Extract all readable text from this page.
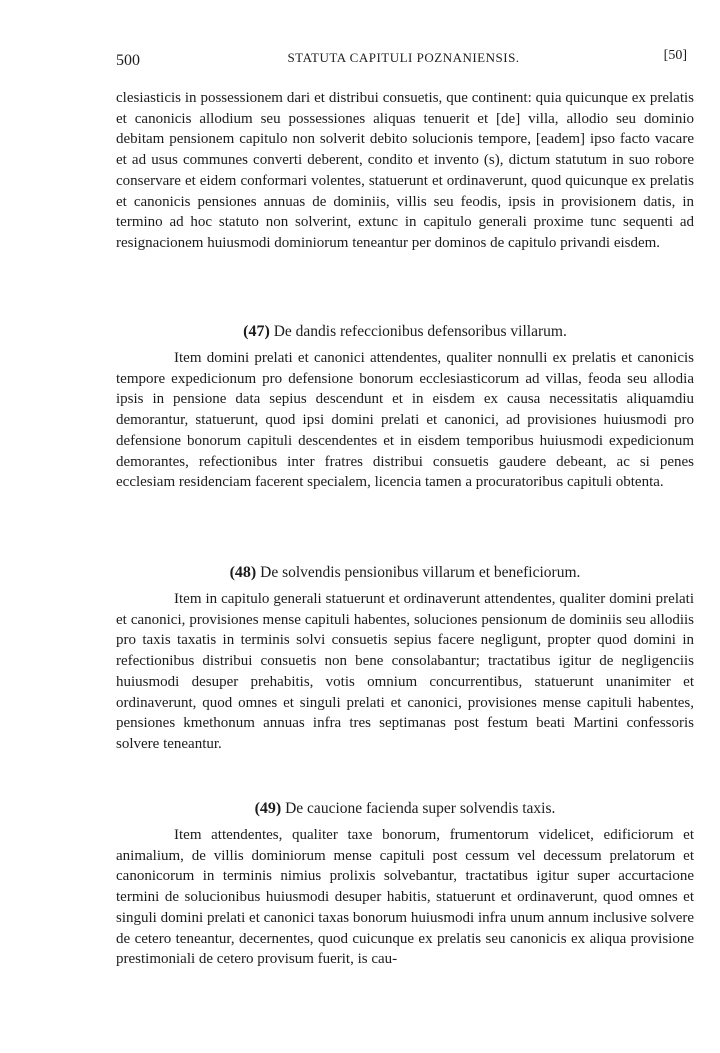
500	STATUTA CAPITULI POZNANIENSIS.	[50]

clesiasticis in possessionem dari et distribui consuetis, que continent: quia quicunque ex prelatis et canonicis allodium seu possessiones aliquas tenuerit et [de] villa, allodio seu dominio debitam pensionem capitulo non solverit debito solucionis tempore, [eadem] ipso facto vacare et ad usus communes converti deberent, condito et invento (s), dictum statutum in suo robore conservare et eidem conformari volentes, statuerunt et ordinaverunt, quod quicunque ex prelatis et canonicis pensiones annuas de dominiis, villis seu feodis, ipsis in provisionem datis, in termino ad hoc statuto non solverint, extunc in capitulo generali proxime tunc sequenti ad resignacionem huiusmodi dominiorum teneantur per dominos de capitulo privandi eisdem.

(47) De dandis refeccionibus defensoribus villarum.

Item domini prelati et canonici attendentes, qualiter nonnulli ex prelatis et canonicis tempore expedicionum pro defensione bonorum ecclesiasticorum ad villas, feoda seu allodia ipsis in pensione data sepius descendunt et in eisdem ex causa necessitatis aliquamdiu demorantur, statuerunt, quod ipsi domini prelati et canonici, ad provisiones huiusmodi pro defensione bonorum capituli descendentes et in eisdem temporibus huiusmodi expedicionum demorantes, refectionibus inter fratres distribui consuetis gaudere debeant, ac si penes ecclesiam residenciam facerent specialem, licencia tamen a procuratoribus capituli obtenta.

(48) De solvendis pensionibus villarum et beneficiorum.

Item in capitulo generali statuerunt et ordinaverunt attendentes, qualiter domini prelati et canonici, provisiones mense capituli habentes, soluciones pensionum de dominiis seu allodiis pro taxis taxatis in terminis solvi consuetis sepius facere negligunt, propter quod domini in refectionibus distribui consuetis non bene consolabantur; tractatibus igitur de negligenciis huiusmodi desuper prehabitis, votis omnium concurrentibus, statuerunt unanimiter et ordinaverunt, quod omnes et singuli prelati et canonici, provisiones mense capituli habentes, pensiones kmethonum annuas infra tres septimanas post festum beati Martini confessoris solvere teneantur.

(49) De caucione facienda super solvendis taxis.

Item attendentes, qualiter taxe bonorum, frumentorum videlicet, edificiorum et animalium, de villis dominiorum mense capituli post cessum vel decessum prelatorum et canonicorum in terminis nimius prolixis solvebantur, tractatibus igitur super accurtacione termini de solucionibus huiusmodi desuper habitis, statuerunt et ordinaverunt, quod omnes et singuli domini prelati et canonici taxas bonorum huiusmodi infra unum annum inclusive solvere de cetero teneantur, decernentes, quod cuicunque ex prelatis seu canonicis ex aliqua provisione prestimoniali de cetero provisum fuerit, is cau-
